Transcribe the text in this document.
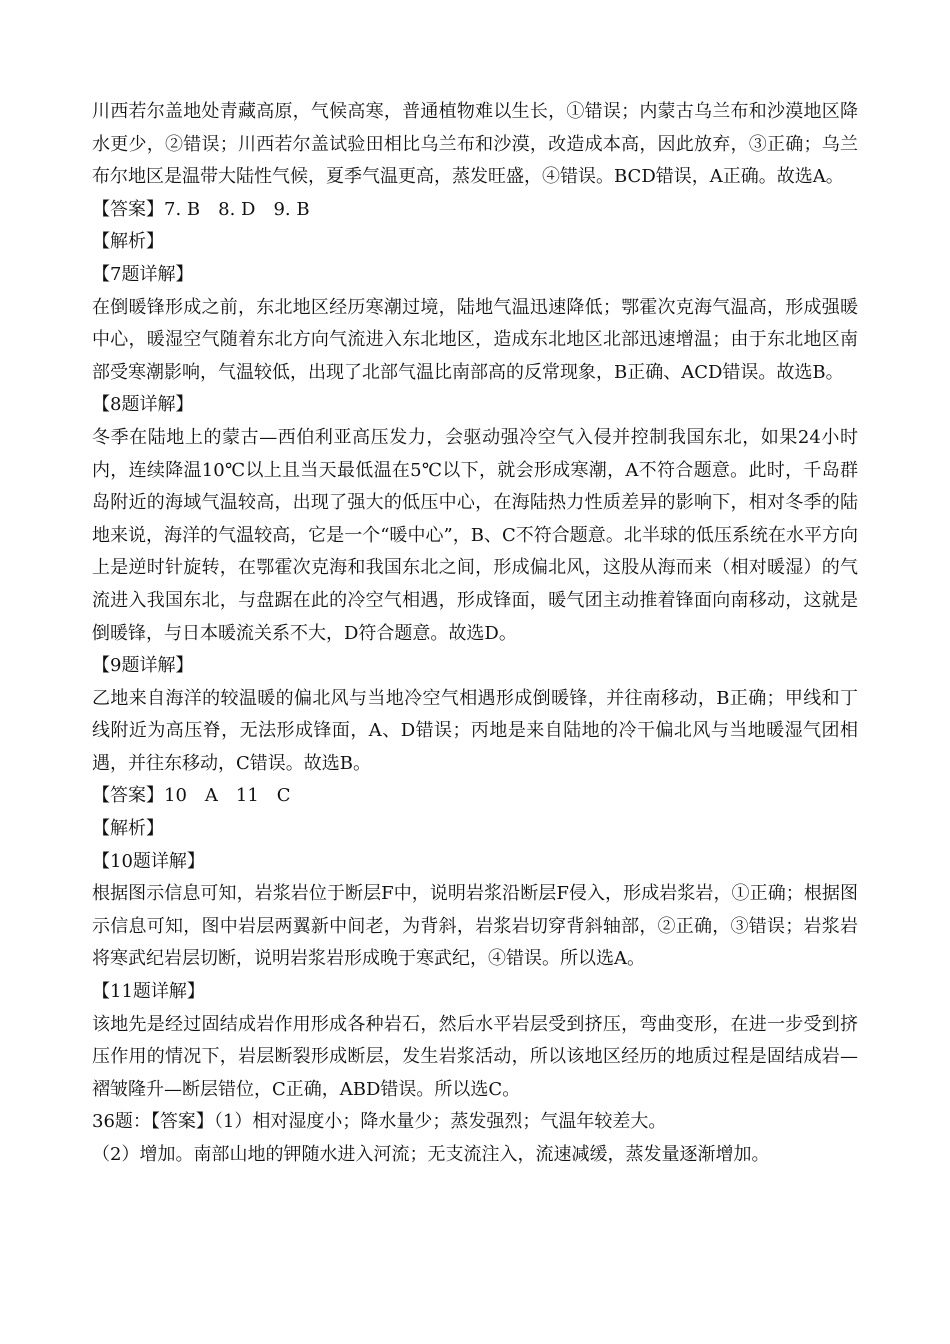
川西若尔盖地处青藏高原，气候高寒，普通植物难以生长，①错误；内蒙古乌兰布和沙漠地区降水更少，②错误；川西若尔盖试验田相比乌兰布和沙漠，改造成本高，因此放弃，③正确；乌兰布尔地区是温带大陆性气候，夏季气温更高，蒸发旺盛，④错误。BCD错误，A正确。故选A。

【答案】7. B　8. D　9. B

【解析】

【7题详解】

在倒暖锋形成之前，东北地区经历寒潮过境，陆地气温迅速降低；鄂霍次克海气温高，形成强暖中心，暖湿空气随着东北方向气流进入东北地区，造成东北地区北部迅速增温；由于东北地区南部受寒潮影响，气温较低，出现了北部气温比南部高的反常现象，B正确、ACD错误。故选B。

【8题详解】

冬季在陆地上的蒙古—西伯利亚高压发力，会驱动强冷空气入侵并控制我国东北，如果24小时内，连续降温10℃以上且当天最低温在5℃以下，就会形成寒潮，A不符合题意。此时，千岛群岛附近的海域气温较高，出现了强大的低压中心，在海陆热力性质差异的影响下，相对冬季的陆地来说，海洋的气温较高，它是一个“暖中心”，B、C不符合题意。北半球的低压系统在水平方向上是逆时针旋转，在鄂霍次克海和我国东北之间，形成偏北风，这股从海而来（相对暖湿）的气流进入我国东北，与盘踞在此的冷空气相遇，形成锋面，暖气团主动推着锋面向南移动，这就是倒暖锋，与日本暖流关系不大，D符合题意。故选D。

【9题详解】

乙地来自海洋的较温暖的偏北风与当地冷空气相遇形成倒暖锋，并往南移动，B正确；甲线和丁线附近为高压脊，无法形成锋面，A、D错误；丙地是来自陆地的冷干偏北风与当地暖湿气团相遇，并往东移动，C错误。故选B。

【答案】10　A　11　C

【解析】

【10题详解】

根据图示信息可知，岩浆岩位于断层F中，说明岩浆沿断层F侵入，形成岩浆岩，①正确；根据图示信息可知，图中岩层两翼新中间老，为背斜，岩浆岩切穿背斜轴部，②正确，③错误；岩浆岩将寒武纪岩层切断，说明岩浆岩形成晚于寒武纪，④错误。所以选A。

【11题详解】

该地先是经过固结成岩作用形成各种岩石，然后水平岩层受到挤压，弯曲变形，在进一步受到挤压作用的情况下，岩层断裂形成断层，发生岩浆活动，所以该地区经历的地质过程是固结成岩—褶皱隆升—断层错位，C正确，ABD错误。所以选C。

36题：【答案】（1）相对湿度小；降水量少；蒸发强烈；气温年较差大。

（2）增加。南部山地的钾随水进入河流；无支流注入，流速减缓，蒸发量逐渐增加。
